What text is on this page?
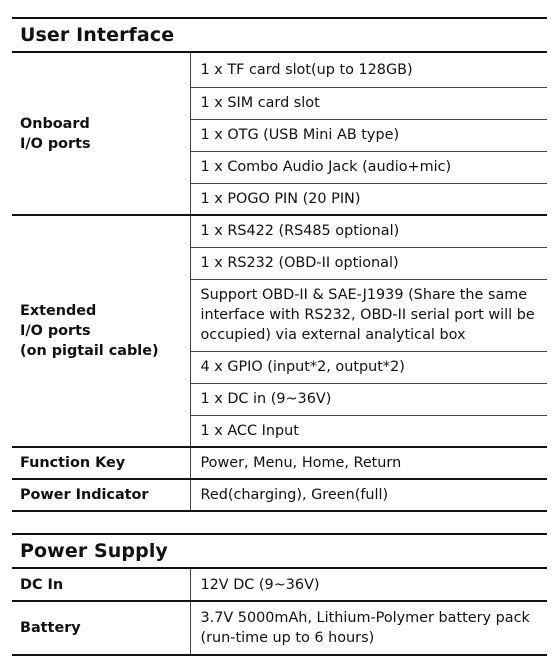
User Interface
Onboard
I/O ports	1 x TF card slot(up to 128GB)
	1 x SIM card slot
	1 x OTG (USB Mini AB type)
	1 x Combo Audio Jack (audio+mic)
	1 x POGO PIN (20 PIN)

Extended
I/O ports
(on pigtail cable)	1 x RS422 (RS485 optional)
	1 x RS232 (OBD-II optional)
	Support OBD-II & SAE-J1939 (Share the same interface with RS232, OBD-II serial port will be occupied) via external analytical box
	4 x GPIO (input*2, output*2)
	1 x DC in (9~36V)
	1 x ACC Input
Function Key	Power, Menu, Home, Return
Power Indicator	Red(charging), Green(full)
Power Supply
DC In	12V DC (9~36V)
Battery	3.7V 5000mAh, Lithium-Polymer battery pack (run-time up to 6 hours)
